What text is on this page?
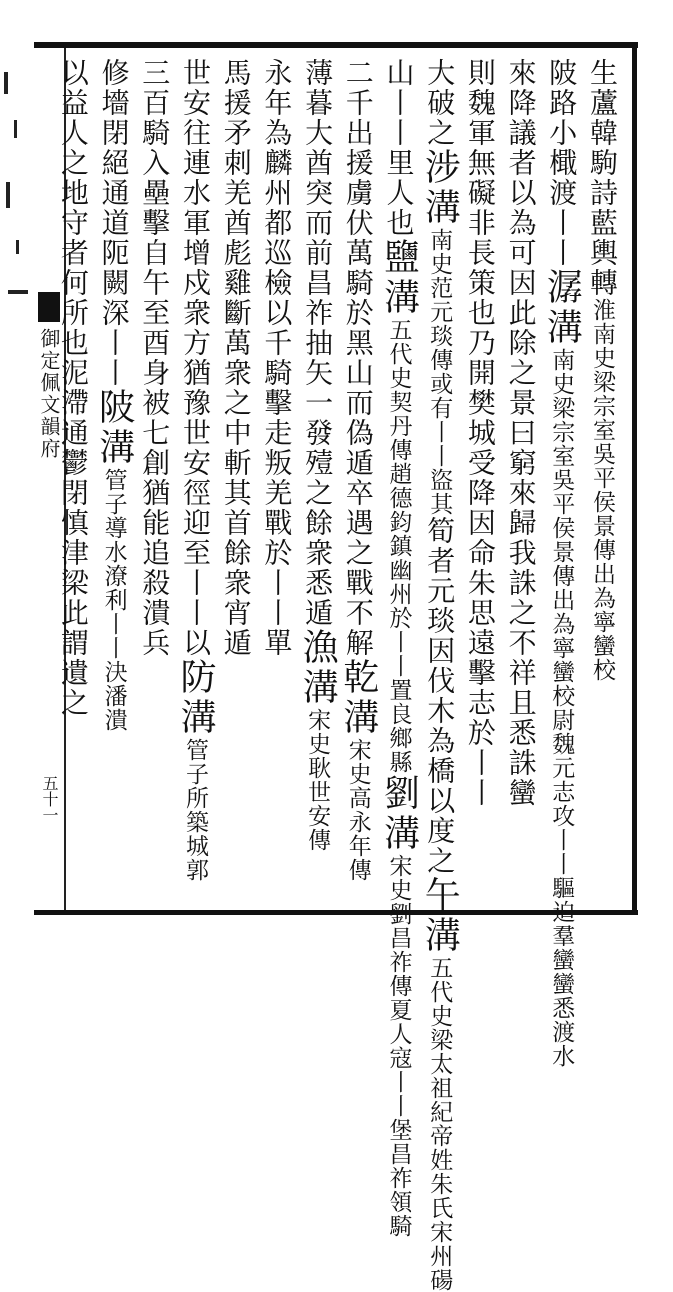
御定佩文韻府
五十一
生蘆韓駒詩藍輿轉淮南史梁宗室吳平侯景傳出為寧蠻校
陂路小檝渡丨丨潺溝南史梁宗室吳平侯景傳出為寧蠻校尉魏元志攻丨丨驅迫羣蠻蠻悉渡水
來降議者以為可因此除之景曰窮來歸我誅之不祥且悉誅蠻
則魏軍無礙非長策也乃開樊城受降因命朱思遠擊志於丨丨
大破之涉溝南史范元琰傳或有丨丨盜其筍者元琰因伐木為橋以度之午溝五代史梁太祖紀帝姓朱氏宋州碭
山丨丨里人也鹽溝五代史契丹傳趙德鈞鎮幽州於丨丨置良鄉縣劉溝宋史劉昌祚傳夏人寇丨丨堡昌祚領騎
二千出援虜伏萬騎於黑山而偽遁卒遇之戰不解乾溝宋史高永年傳
薄暮大酋突而前昌祚抽矢一發殪之餘衆悉遁漁溝宋史耿世安傳
永年為麟州都巡檢以千騎擊走叛羌戰於丨丨單
馬援矛刺羌酋彪雞斷萬衆之中斬其首餘衆宵遁
世安往連水軍增戍衆方猶豫世安徑迎至丨丨以防溝管子所築城郭
三百騎入壘擊自午至酉身被七創猶能追殺潰兵
修墻閉絕通道阨闕深丨丨陂溝管子導水潦利丨丨決潘潰
以益人之地守者何所也泥滯通鬱閉慎津梁此謂遺之
